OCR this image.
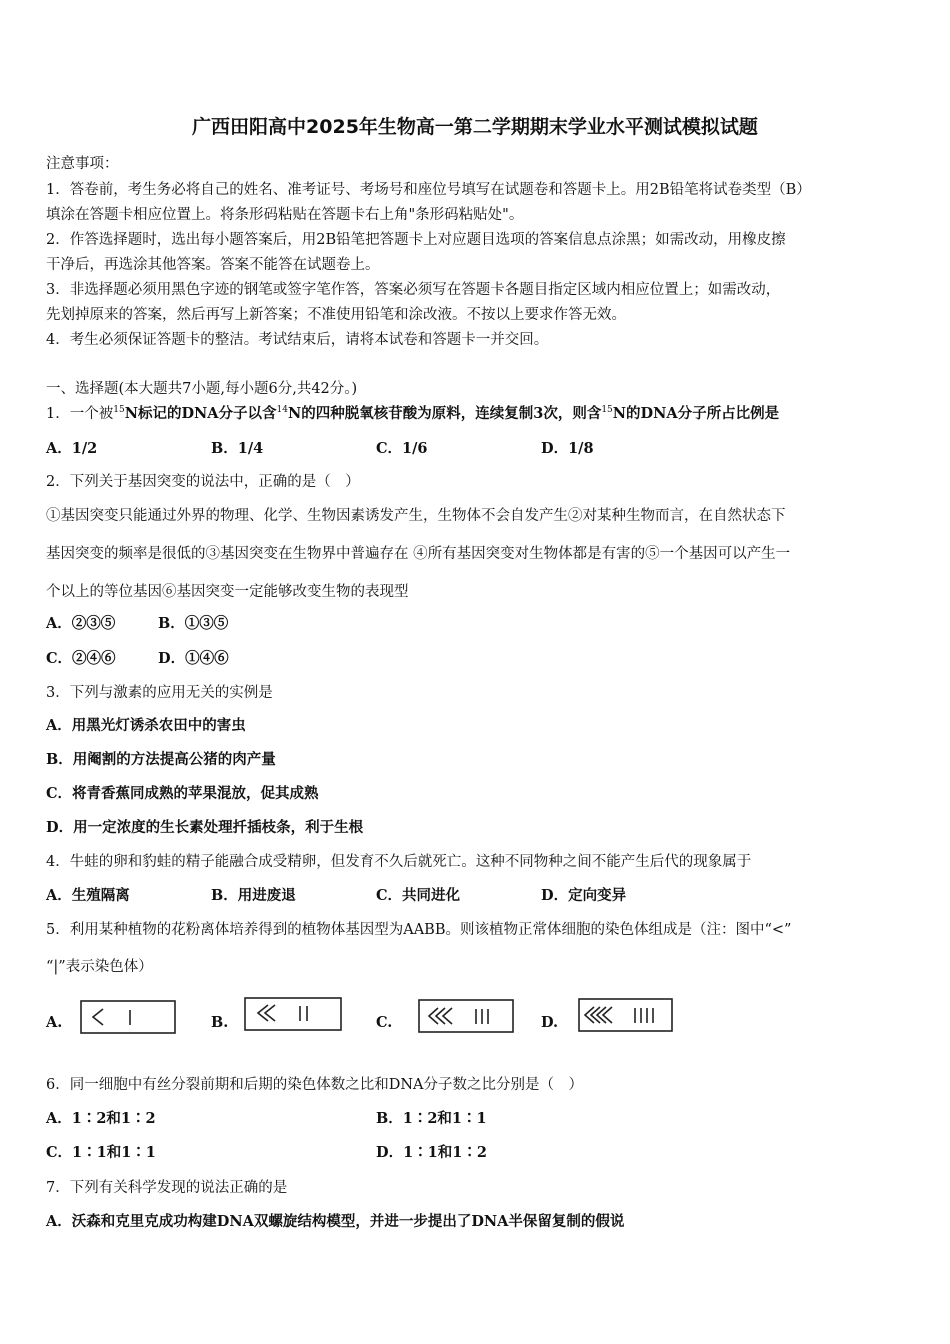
广西田阳高中2025年生物高一第二学期期末学业水平测试模拟试题
注意事项：
1．答卷前，考生务必将自己的姓名、准考证号、考场号和座位号填写在试题卷和答题卡上。用2B铅笔将试卷类型（B）
填涂在答题卡相应位置上。将条形码粘贴在答题卡右上角"条形码粘贴处"。
2．作答选择题时，选出每小题答案后，用2B铅笔把答题卡上对应题目选项的答案信息点涂黑；如需改动，用橡皮擦
干净后，再选涂其他答案。答案不能答在试题卷上。
3．非选择题必须用黑色字迹的钢笔或签字笔作答，答案必须写在答题卡各题目指定区域内相应位置上；如需改动，
先划掉原来的答案，然后再写上新答案；不准使用铅笔和涂改液。不按以上要求作答无效。
4．考生必须保证答题卡的整洁。考试结束后，请将本试卷和答题卡一并交回。
一、选择题(本大题共7小题,每小题6分,共42分。)
1．一个被$^{15}$N标记的DNA分子以含$^{14}$N的四种脱氧核苷酸为原料，连续复制3次，则含$^{15}$N的DNA分子所占比例是
A．1/2	B．1/4	C．1/6	D．1/8
2．下列关于基因突变的说法中，正确的是（　）
①基因突变只能通过外界的物理、化学、生物因素诱发产生，生物体不会自发产生②对某种生物而言，在自然状态下
基因突变的频率是很低的③基因突变在生物界中普遍存在 ④所有基因突变对生物体都是有害的⑤一个基因可以产生一
个以上的等位基因⑥基因突变一定能够改变生物的表现型
A．②③⑤	B．①③⑤
C．②④⑥	D．①④⑥
3．下列与激素的应用无关的实例是
A．用黑光灯诱杀农田中的害虫
B．用阉割的方法提高公猪的肉产量
C．将青香蕉同成熟的苹果混放，促其成熟
D．用一定浓度的生长素处理扦插枝条，利于生根
4．牛蛙的卵和豹蛙的精子能融合成受精卵，但发育不久后就死亡。这种不同物种之间不能产生后代的现象属于
A．生殖隔离	B．用进废退	C．共同进化	D．定向变异
5．利用某种植物的花粉离体培养得到的植物体基因型为AABB。则该植物正常体细胞的染色体组成是（注：图中“<”
“|”表示染色体）
A.	B.	C.	D.
6．同一细胞中有丝分裂前期和后期的染色体数之比和DNA分子数之比分别是（　）
A．1∶2和1∶2	B．1∶2和1∶1
C．1∶1和1∶1	D．1∶1和1∶2
7．下列有关科学发现的说法正确的是
A．沃森和克里克成功构建DNA双螺旋结构模型，并进一步提出了DNA半保留复制的假说
